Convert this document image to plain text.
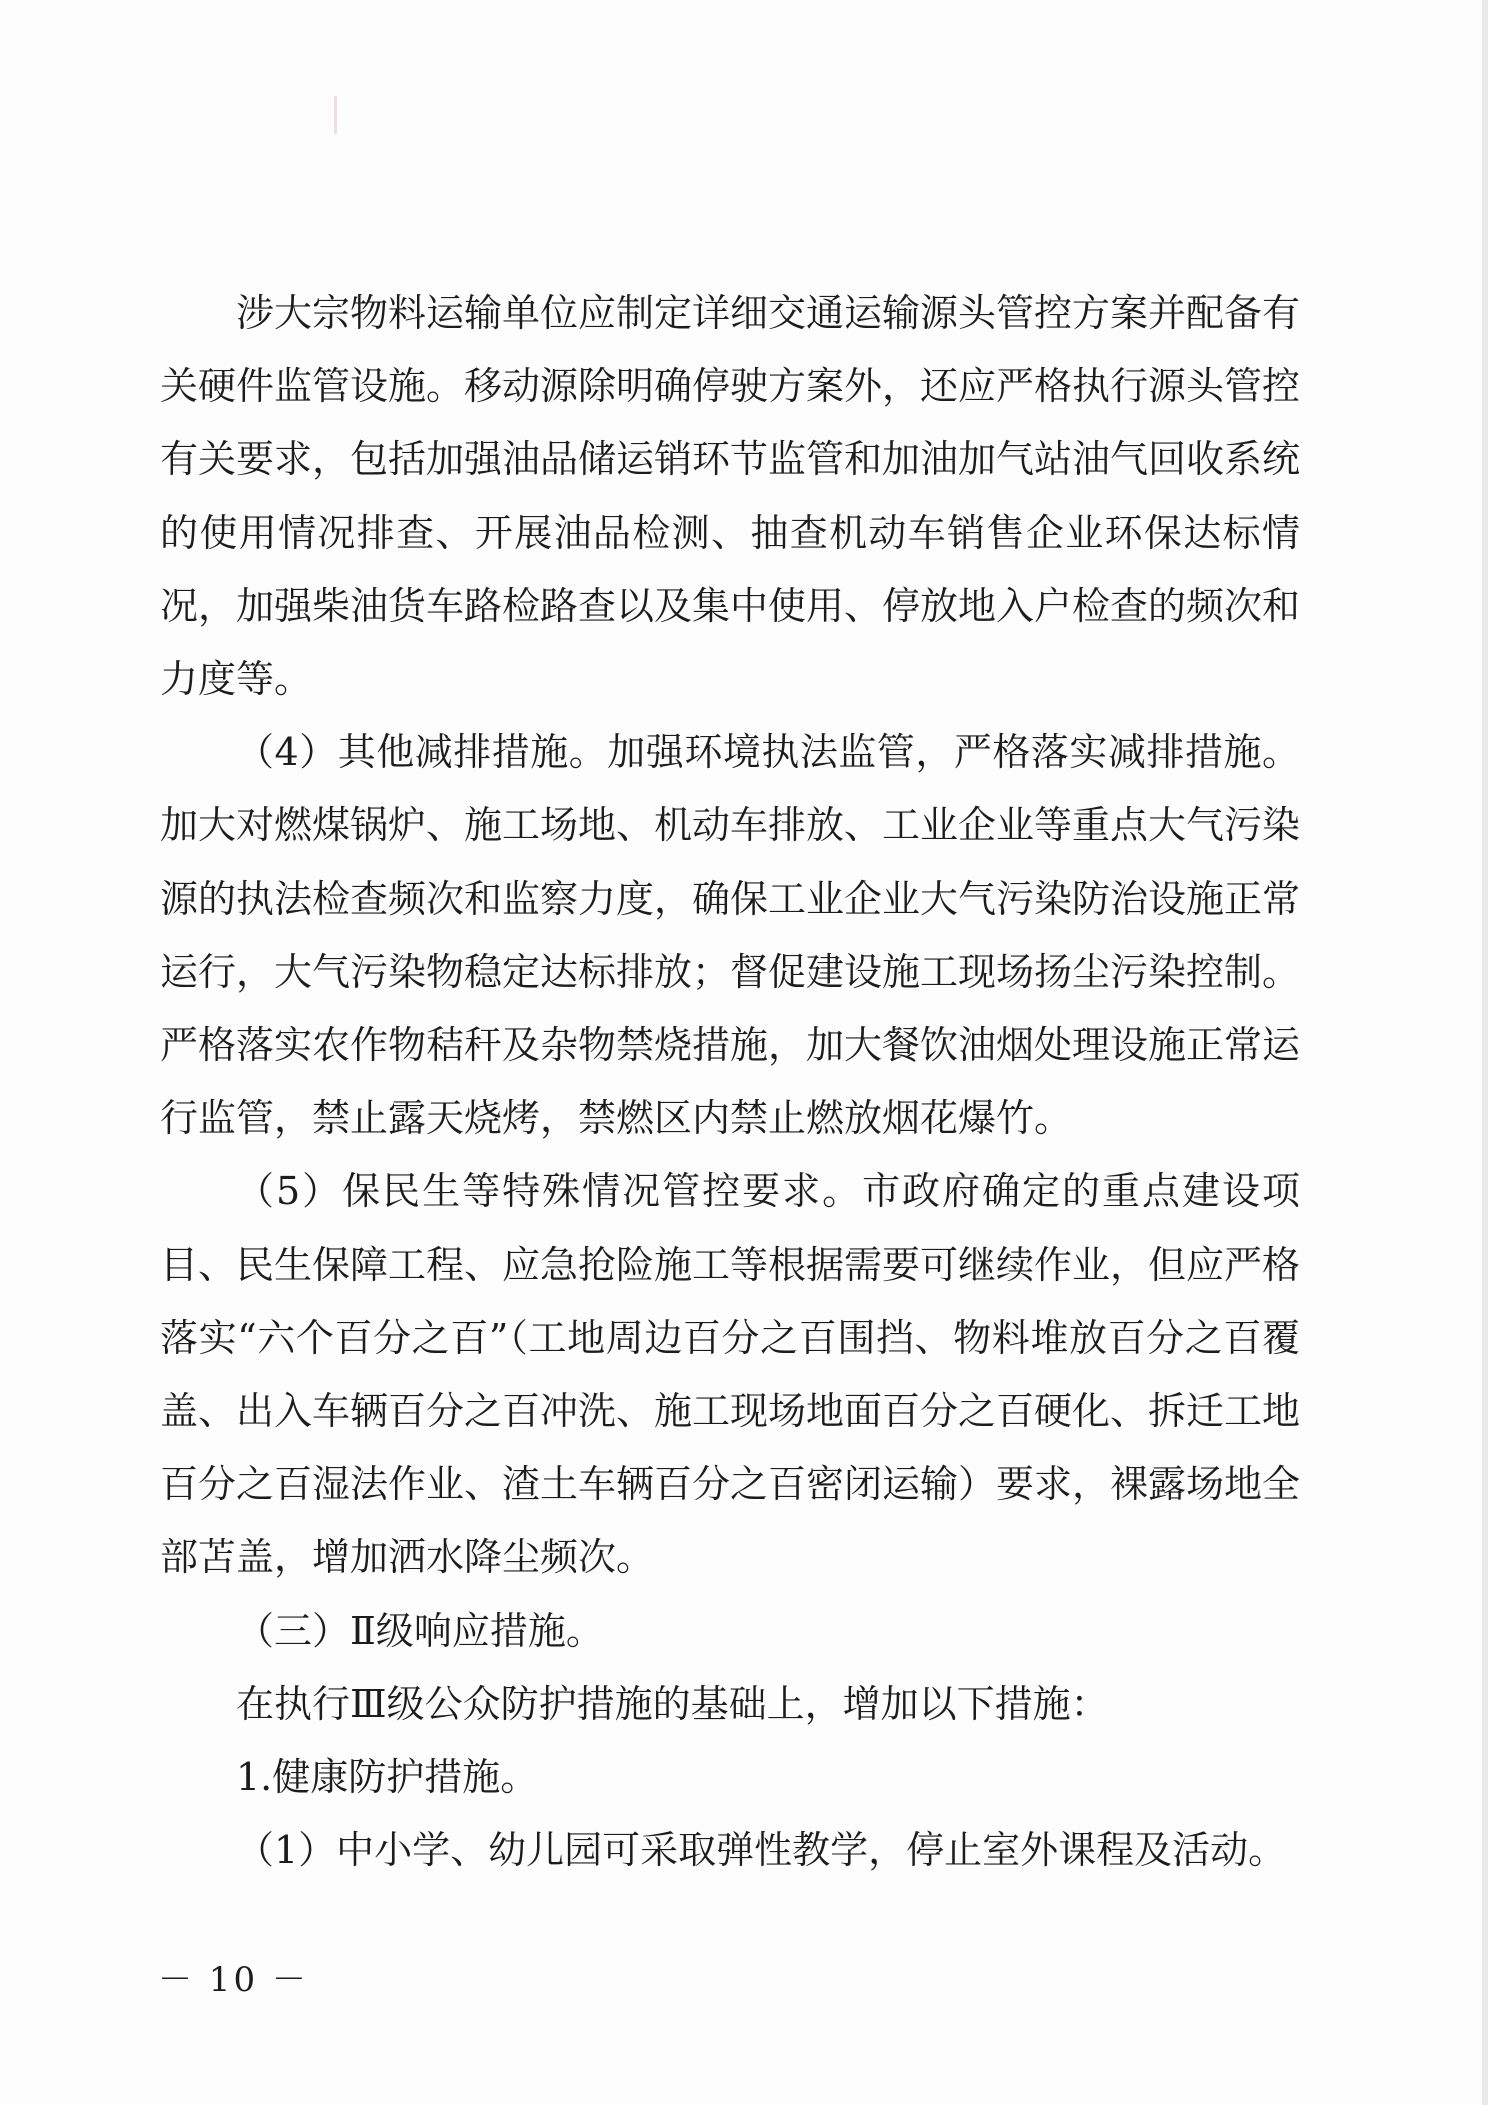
涉大宗物料运输单位应制定详细交通运输源头管控方案并配备有关硬件监管设施。移动源除明确停驶方案外，还应严格执行源头管控有关要求，包括加强油品储运销环节监管和加油加气站油气回收系统的使用情况排查、开展油品检测、抽查机动车销售企业环保达标情况，加强柴油货车路检路查以及集中使用、停放地入户检查的频次和力度等。

（4）其他减排措施。加强环境执法监管，严格落实减排措施。加大对燃煤锅炉、施工场地、机动车排放、工业企业等重点大气污染源的执法检查频次和监察力度，确保工业企业大气污染防治设施正常运行，大气污染物稳定达标排放；督促建设施工现场扬尘污染控制。严格落实农作物秸秆及杂物禁烧措施，加大餐饮油烟处理设施正常运行监管，禁止露天烧烤，禁燃区内禁止燃放烟花爆竹。

（5）保民生等特殊情况管控要求。市政府确定的重点建设项目、民生保障工程、应急抢险施工等根据需要可继续作业，但应严格落实“六个百分之百”（工地周边百分之百围挡、物料堆放百分之百覆盖、出入车辆百分之百冲洗、施工现场地面百分之百硬化、拆迁工地百分之百湿法作业、渣土车辆百分之百密闭运输）要求，裸露场地全部苫盖，增加洒水降尘频次。

（三）Ⅱ级响应措施。

在执行Ⅲ级公众防护措施的基础上，增加以下措施：

1.健康防护措施。

（1）中小学、幼儿园可采取弹性教学，停止室外课程及活动。

－ 10 －
